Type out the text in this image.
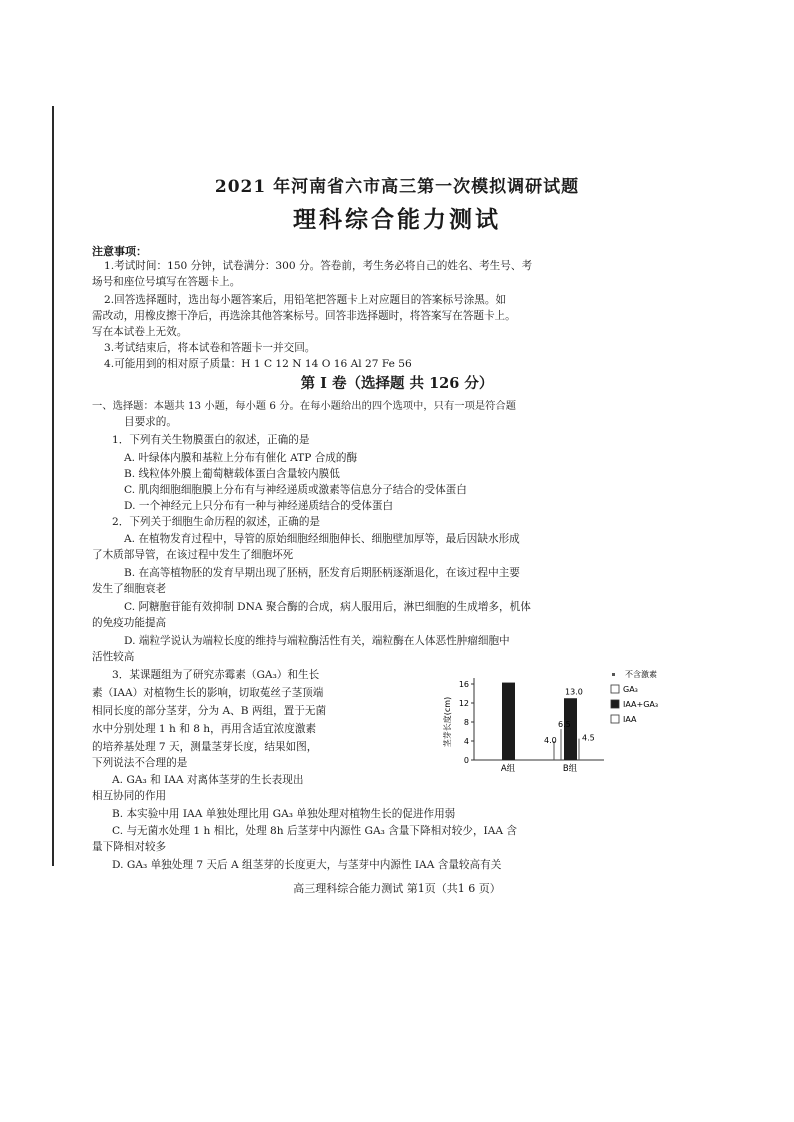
2021 年河南省六市高三第一次模拟调研试题
理科综合能力测试
注意事项：
1.考试时间：150 分钟，试卷满分：300 分。答卷前，考生务必将自己的姓名、考生号、考
场号和座位号填写在答题卡上。
2.回答选择题时，选出每小题答案后，用铅笔把答题卡上对应题目的答案标号涂黑。如
需改动，用橡皮擦干净后，再选涂其他答案标号。回答非选择题时，将答案写在答题卡上。
写在本试卷上无效。
3.考试结束后，将本试卷和答题卡一并交回。
4.可能用到的相对原子质量：H 1 C 12 N 14 O 16 Al 27 Fe 56
第 Ⅰ 卷（选择题 共 126 分）
一、选择题：本题共 13 小题，每小题 6 分。在每小题给出的四个选项中，只有一项是符合题
目要求的。
1．下列有关生物膜蛋白的叙述，正确的是
A. 叶绿体内膜和基粒上分布有催化 ATP 合成的酶
B. 线粒体外膜上葡萄糖载体蛋白含量较内膜低
C. 肌肉细胞细胞膜上分布有与神经递质或激素等信息分子结合的受体蛋白
D. 一个神经元上只分布有一种与神经递质结合的受体蛋白
2．下列关于细胞生命历程的叙述，正确的是
A. 在植物发育过程中，导管的原始细胞经细胞伸长、细胞壁加厚等，最后因缺水形成
了木质部导管，在该过程中发生了细胞坏死
B. 在高等植物胚的发育早期出现了胚柄，胚发育后期胚柄逐渐退化，在该过程中主要
发生了细胞衰老
C. 阿糖胞苷能有效抑制 DNA 聚合酶的合成，病人服用后，淋巴细胞的生成增多，机体
的免疫功能提高
D. 端粒学说认为端粒长度的维持与端粒酶活性有关，端粒酶在人体恶性肿瘤细胞中
活性较高
3．某课题组为了研究赤霉素（GA₃）和生长
素（IAA）对植物生长的影响，切取菟丝子茎顶端
相同长度的部分茎芽，分为 A、B 两组，置于无菌
水中分别处理 1 h 和 8 h，再用含适宜浓度激素
的培养基处理 7 天，测量茎芽长度，结果如图，
下列说法不合理的是
A. GA₃ 和 IAA 对离体茎芽的生长表现出
相互协同的作用
B. 本实验中用 IAA 单独处理比用 GA₃ 单独处理对植物生长的促进作用弱
C. 与无菌水处理 1 h 相比，处理 8h 后茎芽中内源性 GA₃ 含量下降相对较少，IAA 含
量下降相对较多
D. GA₃ 单独处理 7 天后 A 组茎芽的长度更大，与茎芽中内源性 IAA 含量较高有关
0
4
8
12
16
茎芽长度(cm)	4.0
6.5
13.0
4.5
A组	B组
不含激素
GA₃
IAA+GA₃
IAA
高三理科综合能力测试 第1页（共1 6 页）
